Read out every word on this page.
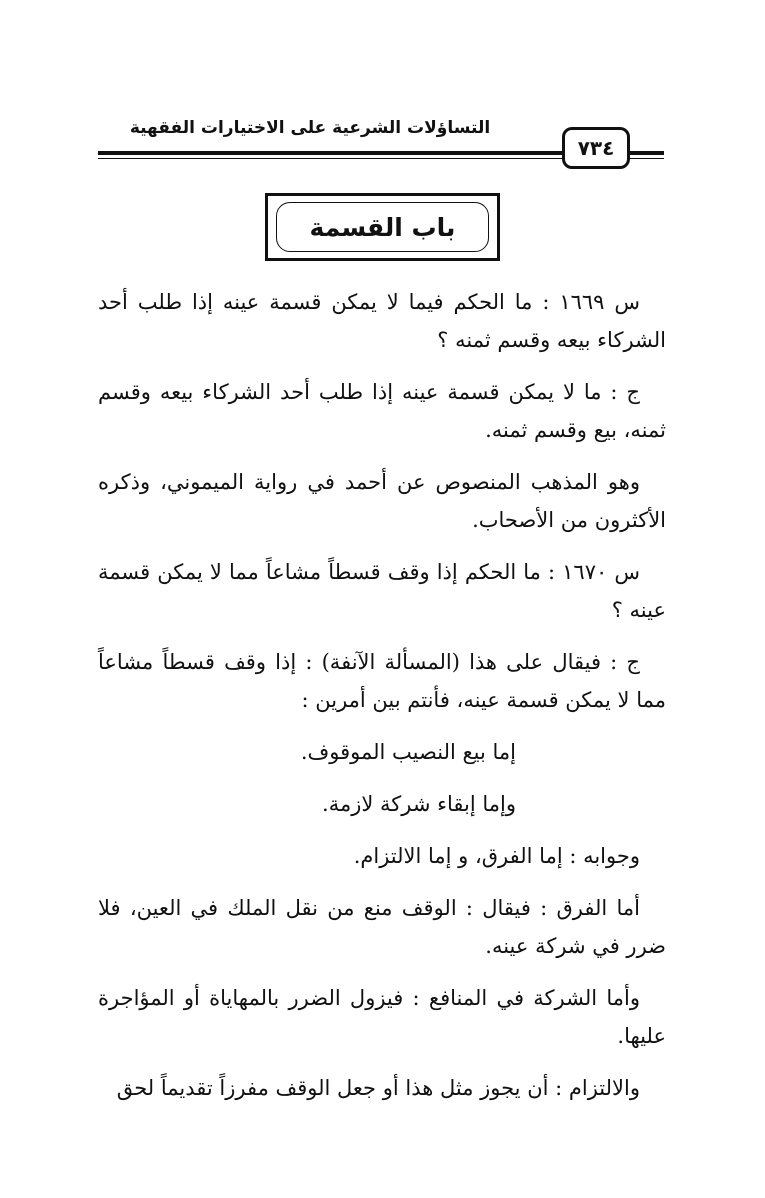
التساؤلات الشرعية على الاختيارات الفقهية
٧٣٤
باب القسمة

س ١٦٦٩ : ما الحكم فيما لا يمكن قسمة عينه إذا طلب أحد الشركاء بيعه وقسم ثمنه ؟

ج : ما لا يمكن قسمة عينه إذا طلب أحد الشركاء بيعه وقسم ثمنه، بيع وقسم ثمنه.

وهو المذهب المنصوص عن أحمد في رواية الميموني، وذكره الأكثرون من الأصحاب.

س ١٦٧٠ : ما الحكم إذا وقف قسطاً مشاعاً مما لا يمكن قسمة عينه ؟

ج : فيقال على هذا (المسألة الآنفة) : إذا وقف قسطاً مشاعاً مما لا يمكن قسمة عينه، فأنتم بين أمرين :

إما بيع النصيب الموقوف.

وإما إبقاء شركة لازمة.

وجوابه : إما الفرق، و إما الالتزام.

أما الفرق : فيقال : الوقف منع من نقل الملك في العين، فلا ضرر في شركة عينه.

وأما الشركة في المنافع : فيزول الضرر بالمهاياة أو المؤاجرة عليها.

والالتزام : أن يجوز مثل هذا أو جعل الوقف مفرزاً تقديماً لحق
